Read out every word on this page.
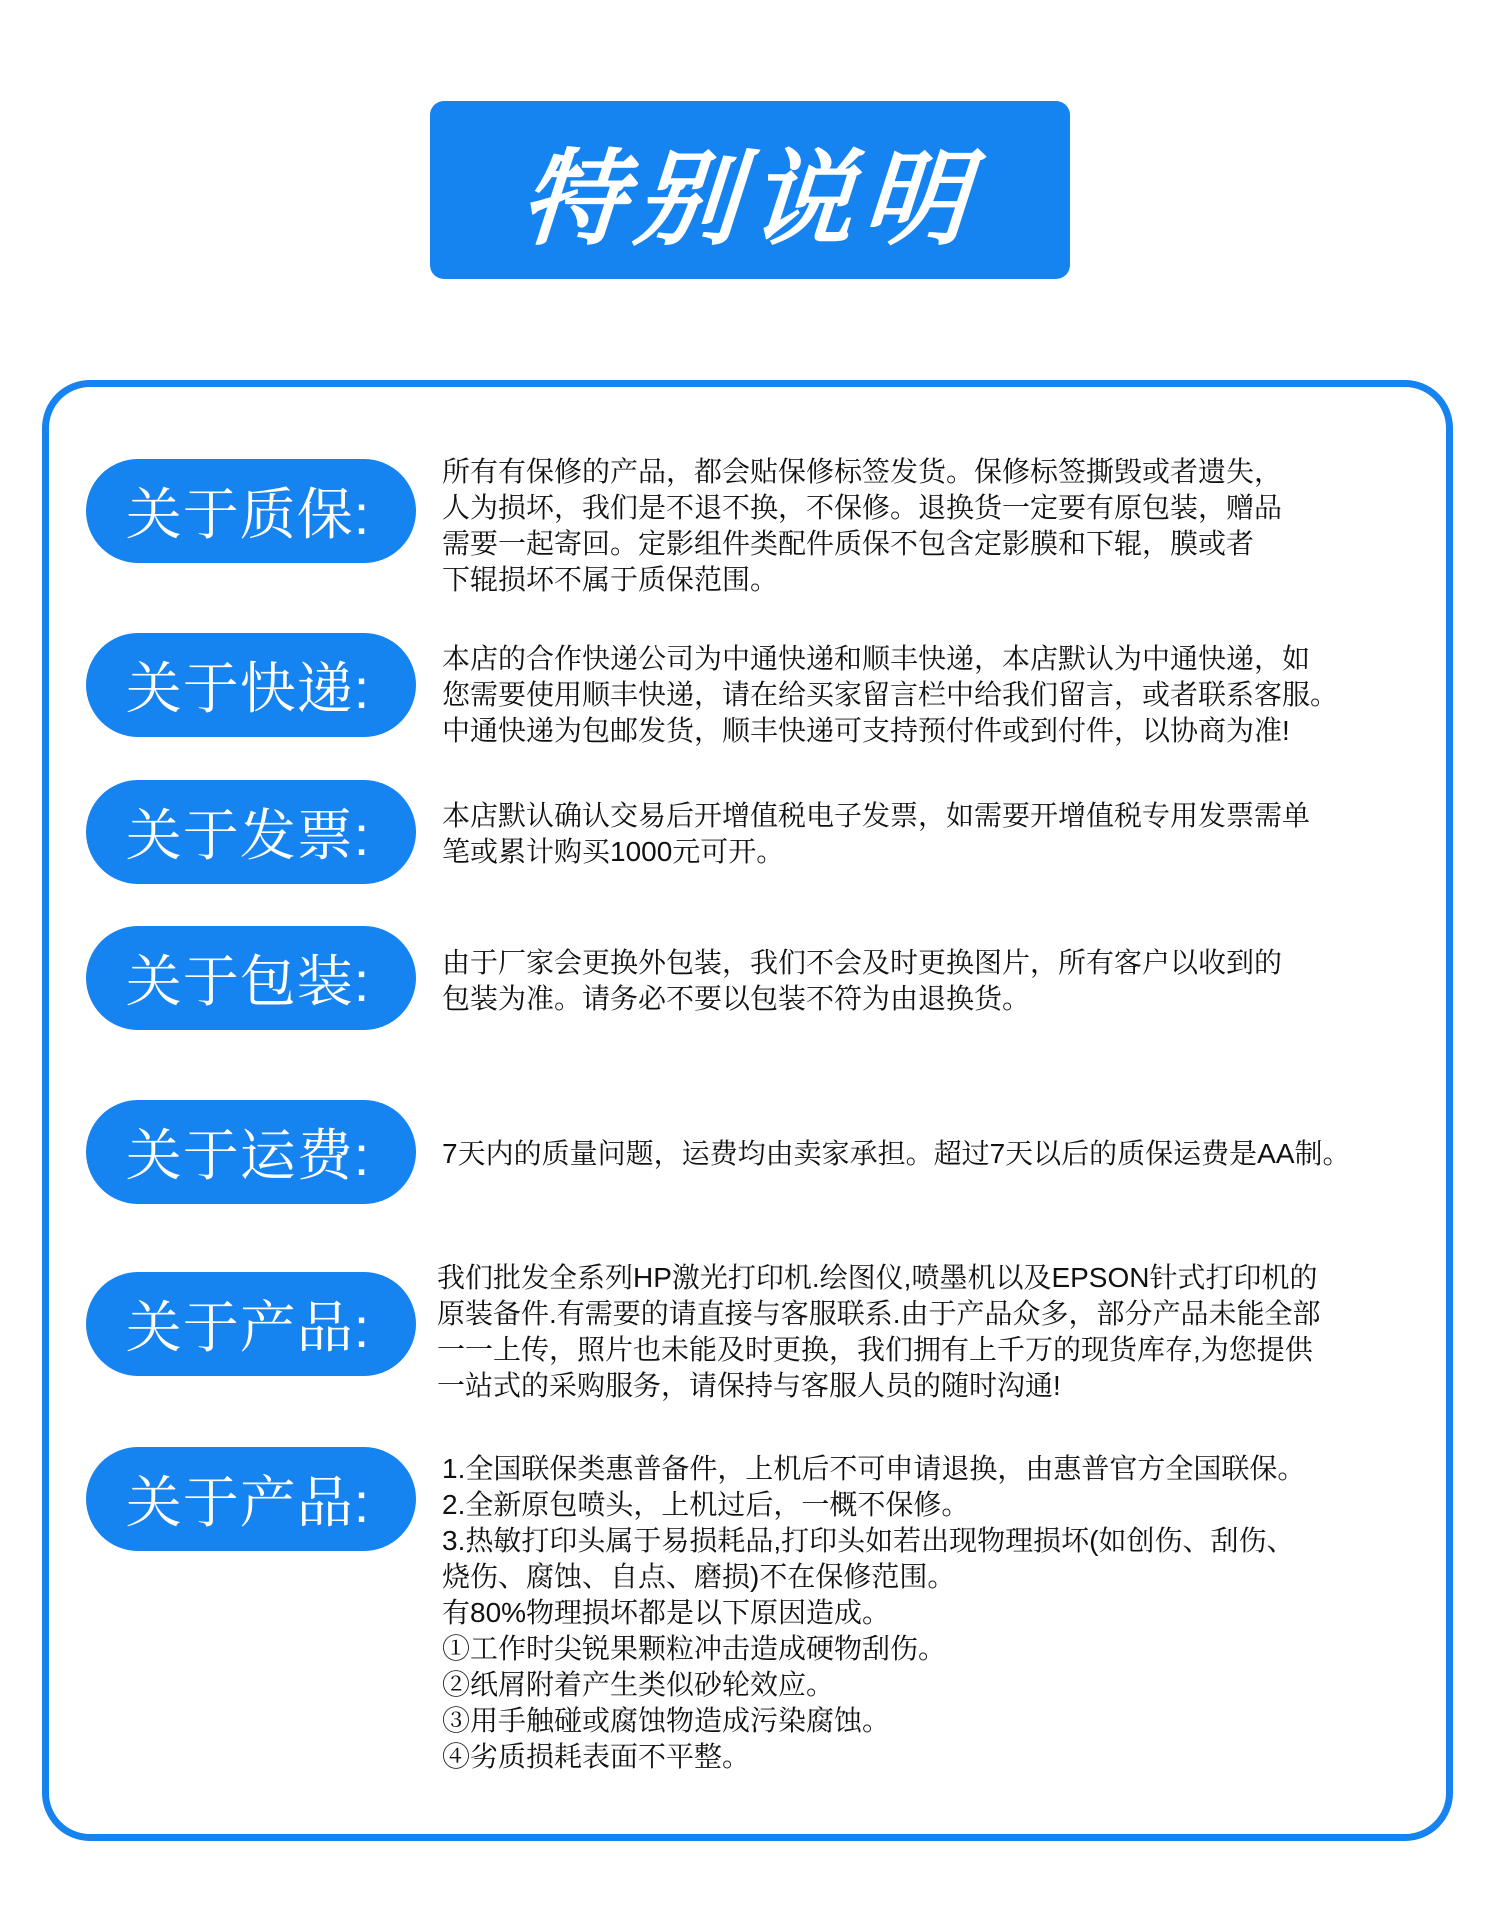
特别说明
关于质保:
所有有保修的产品，都会贴保修标签发货。保修标签撕毁或者遗失，
人为损坏，我们是不退不换，不保修。退换货一定要有原包装，赠品
需要一起寄回。定影组件类配件质保不包含定影膜和下辊，膜或者
下辊损坏不属于质保范围。
关于快递:	本店的合作快递公司为中通快递和顺丰快递，本店默认为中通快递，如
您需要使用顺丰快递，请在给买家留言栏中给我们留言，或者联系客服。
中通快递为包邮发货，顺丰快递可支持预付件或到付件，以协商为准!
关于发票:	本店默认确认交易后开增值税电子发票，如需要开增值税专用发票需单
笔或累计购买1000元可开。
关于包装:	由于厂家会更换外包装，我们不会及时更换图片，所有客户以收到的
包装为准。请务必不要以包装不符为由退换货。
关于运费:	7天内的质量问题，运费均由卖家承担。超过7天以后的质保运费是AA制。
关于产品:
我们批发全系列HP激光打印机.绘图仪,喷墨机以及EPSON针式打印机的
原装备件.有需要的请直接与客服联系.由于产品众多，部分产品未能全部
一一上传，照片也未能及时更换，我们拥有上千万的现货库存,为您提供
一站式的采购服务，请保持与客服人员的随时沟通!
关于产品:
1.全国联保类惠普备件，上机后不可申请退换，由惠普官方全国联保。
2.全新原包喷头，上机过后，一概不保修。
3.热敏打印头属于易损耗品,打印头如若出现物理损坏(如创伤、刮伤、
烧伤、腐蚀、自点、磨损)不在保修范围。
有80%物理损坏都是以下原因造成。
①工作时尖锐果颗粒冲击造成硬物刮伤。
②纸屑附着产生类似砂轮效应。
③用手触碰或腐蚀物造成污染腐蚀。
④劣质损耗表面不平整。
